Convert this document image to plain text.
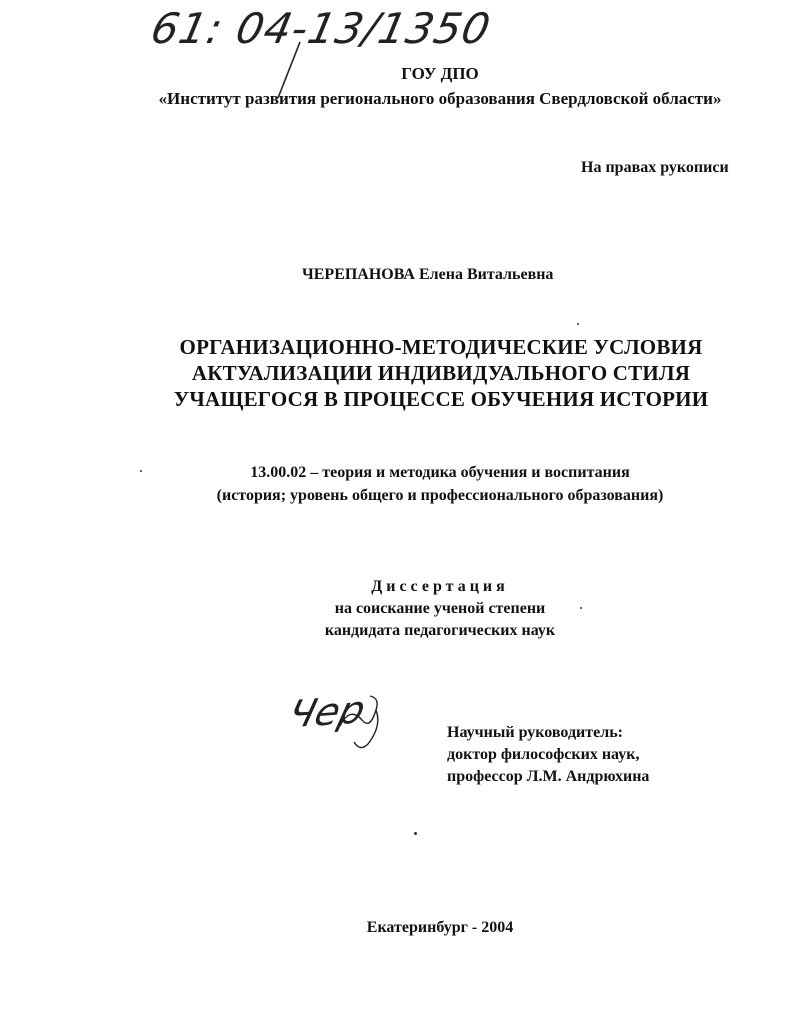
61: 04-13/1350
ГОУ ДПО
«Институт развития регионального образования Свердловской области»
На правах рукописи
ЧЕРЕПАНОВА Елена Витальевна
ОРГАНИЗАЦИОННО-МЕТОДИЧЕСКИЕ УСЛОВИЯ
АКТУАЛИЗАЦИИ ИНДИВИДУАЛЬНОГО СТИЛЯ
УЧАЩЕГОСЯ В ПРОЦЕССЕ ОБУЧЕНИЯ ИСТОРИИ
13.00.02 – теория и методика обучения и воспитания
(история; уровень общего и профессионального образования)
Диссертация
на соискание ученой степени
кандидата педагогических наук
Чер	Научный руководитель:
доктор философских наук,
профессор Л.М. Андрюхина
Екатеринбург - 2004
